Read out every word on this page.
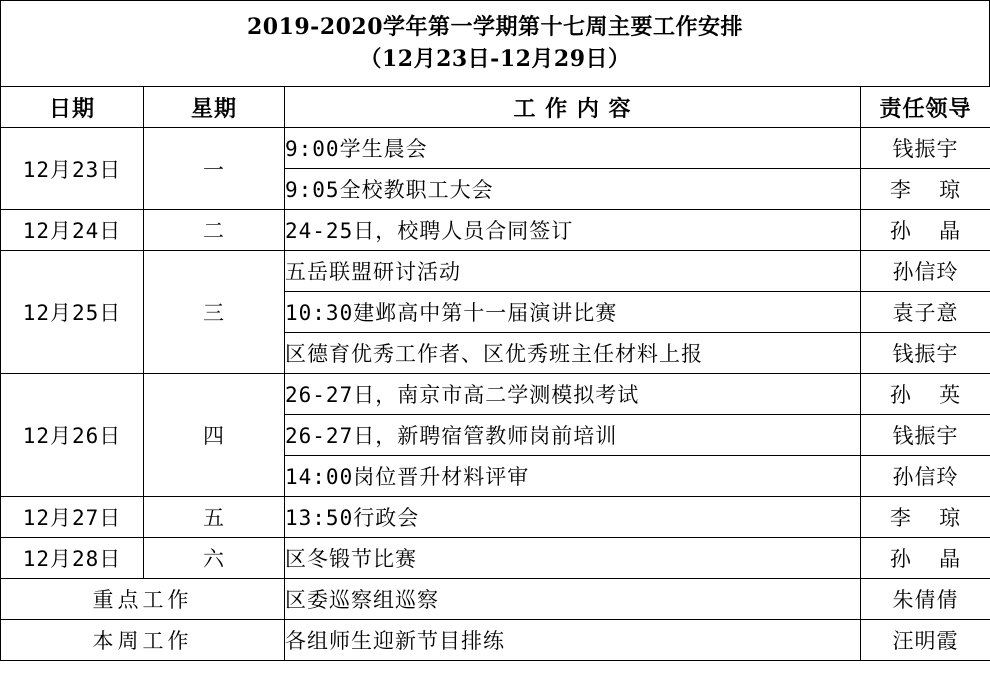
2019-2020学年第一学期第十七周主要工作安排
（12月23日-12月29日）
日期	星期	工 作 内 容	责任领导
12月23日	一	9:00学生晨会	钱振宇
		9:05全校教职工大会	李  琼
12月24日	二	24-25日，校聘人员合同签订	孙  晶
12月25日	三	五岳联盟研讨活动	孙信玲
		10:30建邺高中第十一届演讲比赛	袁子意
		区德育优秀工作者、区优秀班主任材料上报	钱振宇
12月26日	四	26-27日，南京市高二学测模拟考试	孙  英
		26-27日，新聘宿管教师岗前培训	钱振宇
		14:00岗位晋升材料评审	孙信玲
12月27日	五	13:50行政会	李  琼
12月28日	六	区冬锻节比赛	孙  晶
重点工作		区委巡察组巡察	朱倩倩
本周工作		各组师生迎新节目排练	汪明霞
